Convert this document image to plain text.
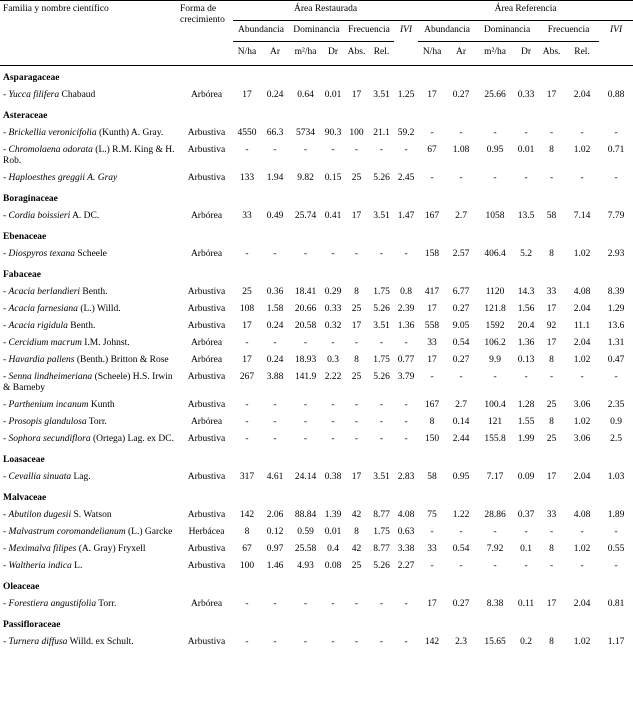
Familia y nombre científico	Forma de crecimiento	Área Restaurada							Área Referencia						
		Abundancia		Dominancia		Frecuencia		IVI	Abundancia		Dominancia		Frecuencia		IVI
		N/ha	Ar	m²/ha	Dr	Abs.	Rel.		N/ha	Ar	m²/ha	Dr	Abs.	Rel.	
Asparagaceae															
- Yucca filifera Chabaud	Arbórea	17	0.24	0.64	0.01	17	3.51	1.25	17	0.27	25.66	0.33	17	2.04	0.88
Asteraceae															
- Brickellia veronicifolia (Kunth) A. Gray.	Arbustiva	4550	66.3	5734	90.3	100	21.1	59.2	-	-	-	-	-	-	-
- Chromolaena odorata (L.) R.M. King & H. Rob.	Arbustiva	-	-	-	-	-	-	-	67	1.08	0.95	0.01	8	1.02	0.71
- Haploesthes greggii A. Gray	Arbustiva	133	1.94	9.82	0.15	25	5.26	2.45	-	-	-	-	-	-	-
Boraginaceae															
- Cordia boissieri A. DC.	Arbórea	33	0.49	25.74	0.41	17	3.51	1.47	167	2.7	1058	13.5	58	7.14	7.79
Ebenaceae															
- Diospyros texana Scheele	Arbórea	-	-	-	-	-	-	-	158	2.57	406.4	5.2	8	1.02	2.93
Fabaceae															
- Acacia berlandieri Benth.	Arbustiva	25	0.36	18.41	0.29	8	1.75	0.8	417	6.77	1120	14.3	33	4.08	8.39
- Acacia farnesiana (L.) Willd.	Arbustiva	108	1.58	20.66	0.33	25	5.26	2.39	17	0.27	121.8	1.56	17	2.04	1.29
- Acacia rigidula Benth.	Arbustiva	17	0.24	20.58	0.32	17	3.51	1.36	558	9.05	1592	20.4	92	11.1	13.6
- Cercidium macrum I.M. Johnst.	Arbórea	-	-	-	-	-	-	-	33	0.54	106.2	1.36	17	2.04	1.31
- Havardia pallens (Benth.) Britton & Rose	Arbórea	17	0.24	18.93	0.3	8	1.75	0.77	17	0.27	9.9	0.13	8	1.02	0.47
- Senna lindheimeriana (Scheele) H.S. Irwin & Barneby	Arbustiva	267	3.88	141.9	2.22	25	5.26	3.79	-	-	-	-	-	-	-
- Parthenium incanum Kunth	Arbustiva	-	-	-	-	-	-	-	167	2.7	100.4	1.28	25	3.06	2.35
- Prosopis glandulosa Torr.	Arbórea	-	-	-	-	-	-	-	8	0.14	121	1.55	8	1.02	0.9
- Sophora secundiflora (Ortega) Lag. ex DC.	Arbustiva	-	-	-	-	-	-	-	150	2.44	155.8	1.99	25	3.06	2.5
Loasaceae															
- Cevallia sinuata Lag.	Arbustiva	317	4.61	24.14	0.38	17	3.51	2.83	58	0.95	7.17	0.09	17	2.04	1.03
Malvaceae															
- Abutilon dugesii S. Watson	Arbustiva	142	2.06	88.84	1.39	42	8.77	4.08	75	1.22	28.86	0.37	33	4.08	1.89
- Malvastrum coromandelianum (L.) Garcke	Herbácea	8	0.12	0.59	0.01	8	1.75	0.63	-	-	-	-	-	-	-
- Meximalva filipes (A. Gray) Fryxell	Arbustiva	67	0.97	25.58	0.4	42	8.77	3.38	33	0.54	7.92	0.1	8	1.02	0.55
- Waltheria indica L.	Arbustiva	100	1.46	4.93	0.08	25	5.26	2.27	-	-	-	-	-	-	-
Oleaceae															
- Forestiera angustifolia Torr.	Arbórea	-	-	-	-	-	-	-	17	0.27	8.38	0.11	17	2.04	0.81
Passifloraceae															
- Turnera diffusa Willd. ex Schult.	Arbustiva	-	-	-	-	-	-	-	142	2.3	15.65	0.2	8	1.02	1.17
